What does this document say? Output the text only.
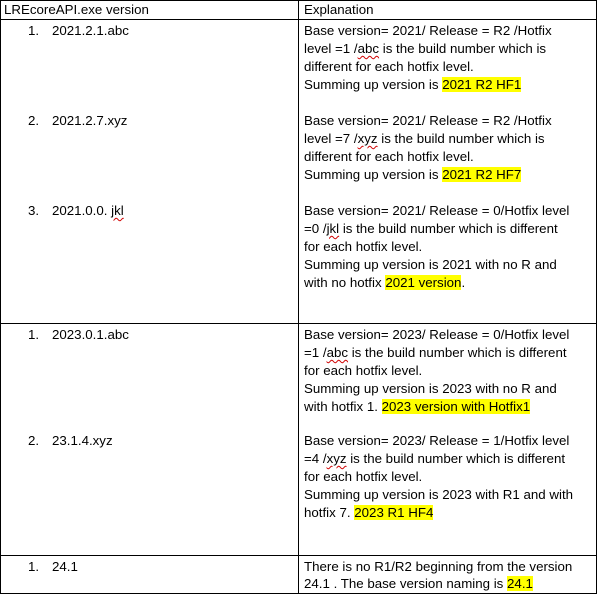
LREcoreAPI.exe version	Explanation
1. 2021.2.1.abc	Base version= 2021/ Release = R2 /Hotfix
level =1 /abc is the build number which is
different for each hotfix level.
Summing up version is 2021 R2 HF1
2. 2021.2.7.xyz	Base version= 2021/ Release = R2 /Hotfix
level =7 /xyz is the build number which is
different for each hotfix level.
Summing up version is 2021 R2 HF7
3. 2021.0.0. jkl	Base version= 2021/ Release = 0/Hotfix level
=0 /jkl is the build number which is different
for each hotfix level.
Summing up version is 2021 with no R and
with no hotfix 2021 version.
1. 2023.0.1.abc	Base version= 2023/ Release = 0/Hotfix level
=1 /abc is the build number which is different
for each hotfix level.
Summing up version is 2023 with no R and
with hotfix 1. 2023 version with Hotfix1
2. 23.1.4.xyz	Base version= 2023/ Release = 1/Hotfix level
=4 /xyz is the build number which is different
for each hotfix level.
Summing up version is 2023 with R1 and with
hotfix 7. 2023 R1 HF4
1. 24.1	There is no R1/R2 beginning from the version
24.1 . The base version naming is 24.1
